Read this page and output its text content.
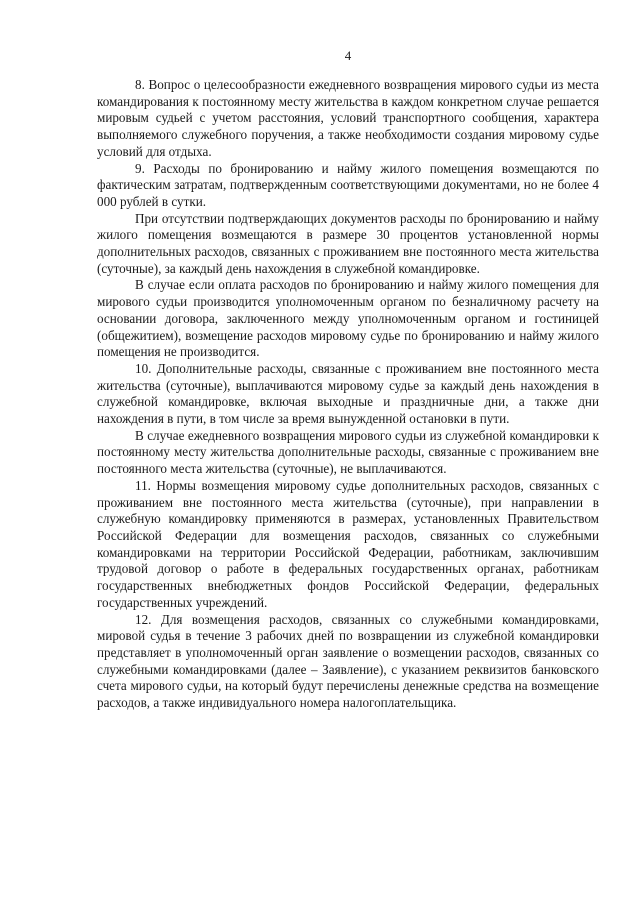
4

8. Вопрос о целесообразности ежедневного возвращения мирового судьи из места командирования к постоянному месту жительства в каждом конкретном случае решается мировым судьей с учетом расстояния, условий транспортного сообщения, характера выполняемого служебного поручения, а также необходимости создания мировому судье условий для отдыха.

9. Расходы по бронированию и найму жилого помещения возмещаются по фактическим затратам, подтвержденным соответствующими документами, но не более 4 000 рублей в сутки.

При отсутствии подтверждающих документов расходы по бронированию и найму жилого помещения возмещаются в размере 30 процентов установленной нормы дополнительных расходов, связанных с проживанием вне постоянного места жительства (суточные), за каждый день нахождения в служебной командировке.

В случае если оплата расходов по бронированию и найму жилого помещения для мирового судьи производится уполномоченным органом по безналичному расчету на основании договора, заключенного между уполномоченным органом и гостиницей (общежитием), возмещение расходов мировому судье по бронированию и найму жилого помещения не производится.

10. Дополнительные расходы, связанные с проживанием вне постоянного места жительства (суточные), выплачиваются мировому судье за каждый день нахождения в служебной командировке, включая выходные и праздничные дни, а также дни нахождения в пути, в том числе за время вынужденной остановки в пути.

В случае ежедневного возвращения мирового судьи из служебной командировки к постоянному месту жительства дополнительные расходы, связанные с проживанием вне постоянного места жительства (суточные), не выплачиваются.

11. Нормы возмещения мировому судье дополнительных расходов, связанных с проживанием вне постоянного места жительства (суточные), при направлении в служебную командировку применяются в размерах, установленных Правительством Российской Федерации для возмещения расходов, связанных со служебными командировками на территории Российской Федерации, работникам, заключившим трудовой договор о работе в федеральных государственных органах, работникам государственных внебюджетных фондов Российской Федерации, федеральных государственных учреждений.

12. Для возмещения расходов, связанных со служебными командировками, мировой судья в течение 3 рабочих дней по возвращении из служебной командировки представляет в уполномоченный орган заявление о возмещении расходов, связанных со служебными командировками (далее – Заявление), с указанием реквизитов банковского счета мирового судьи, на который будут перечислены денежные средства на возмещение расходов, а также индивидуального номера налогоплательщика.
